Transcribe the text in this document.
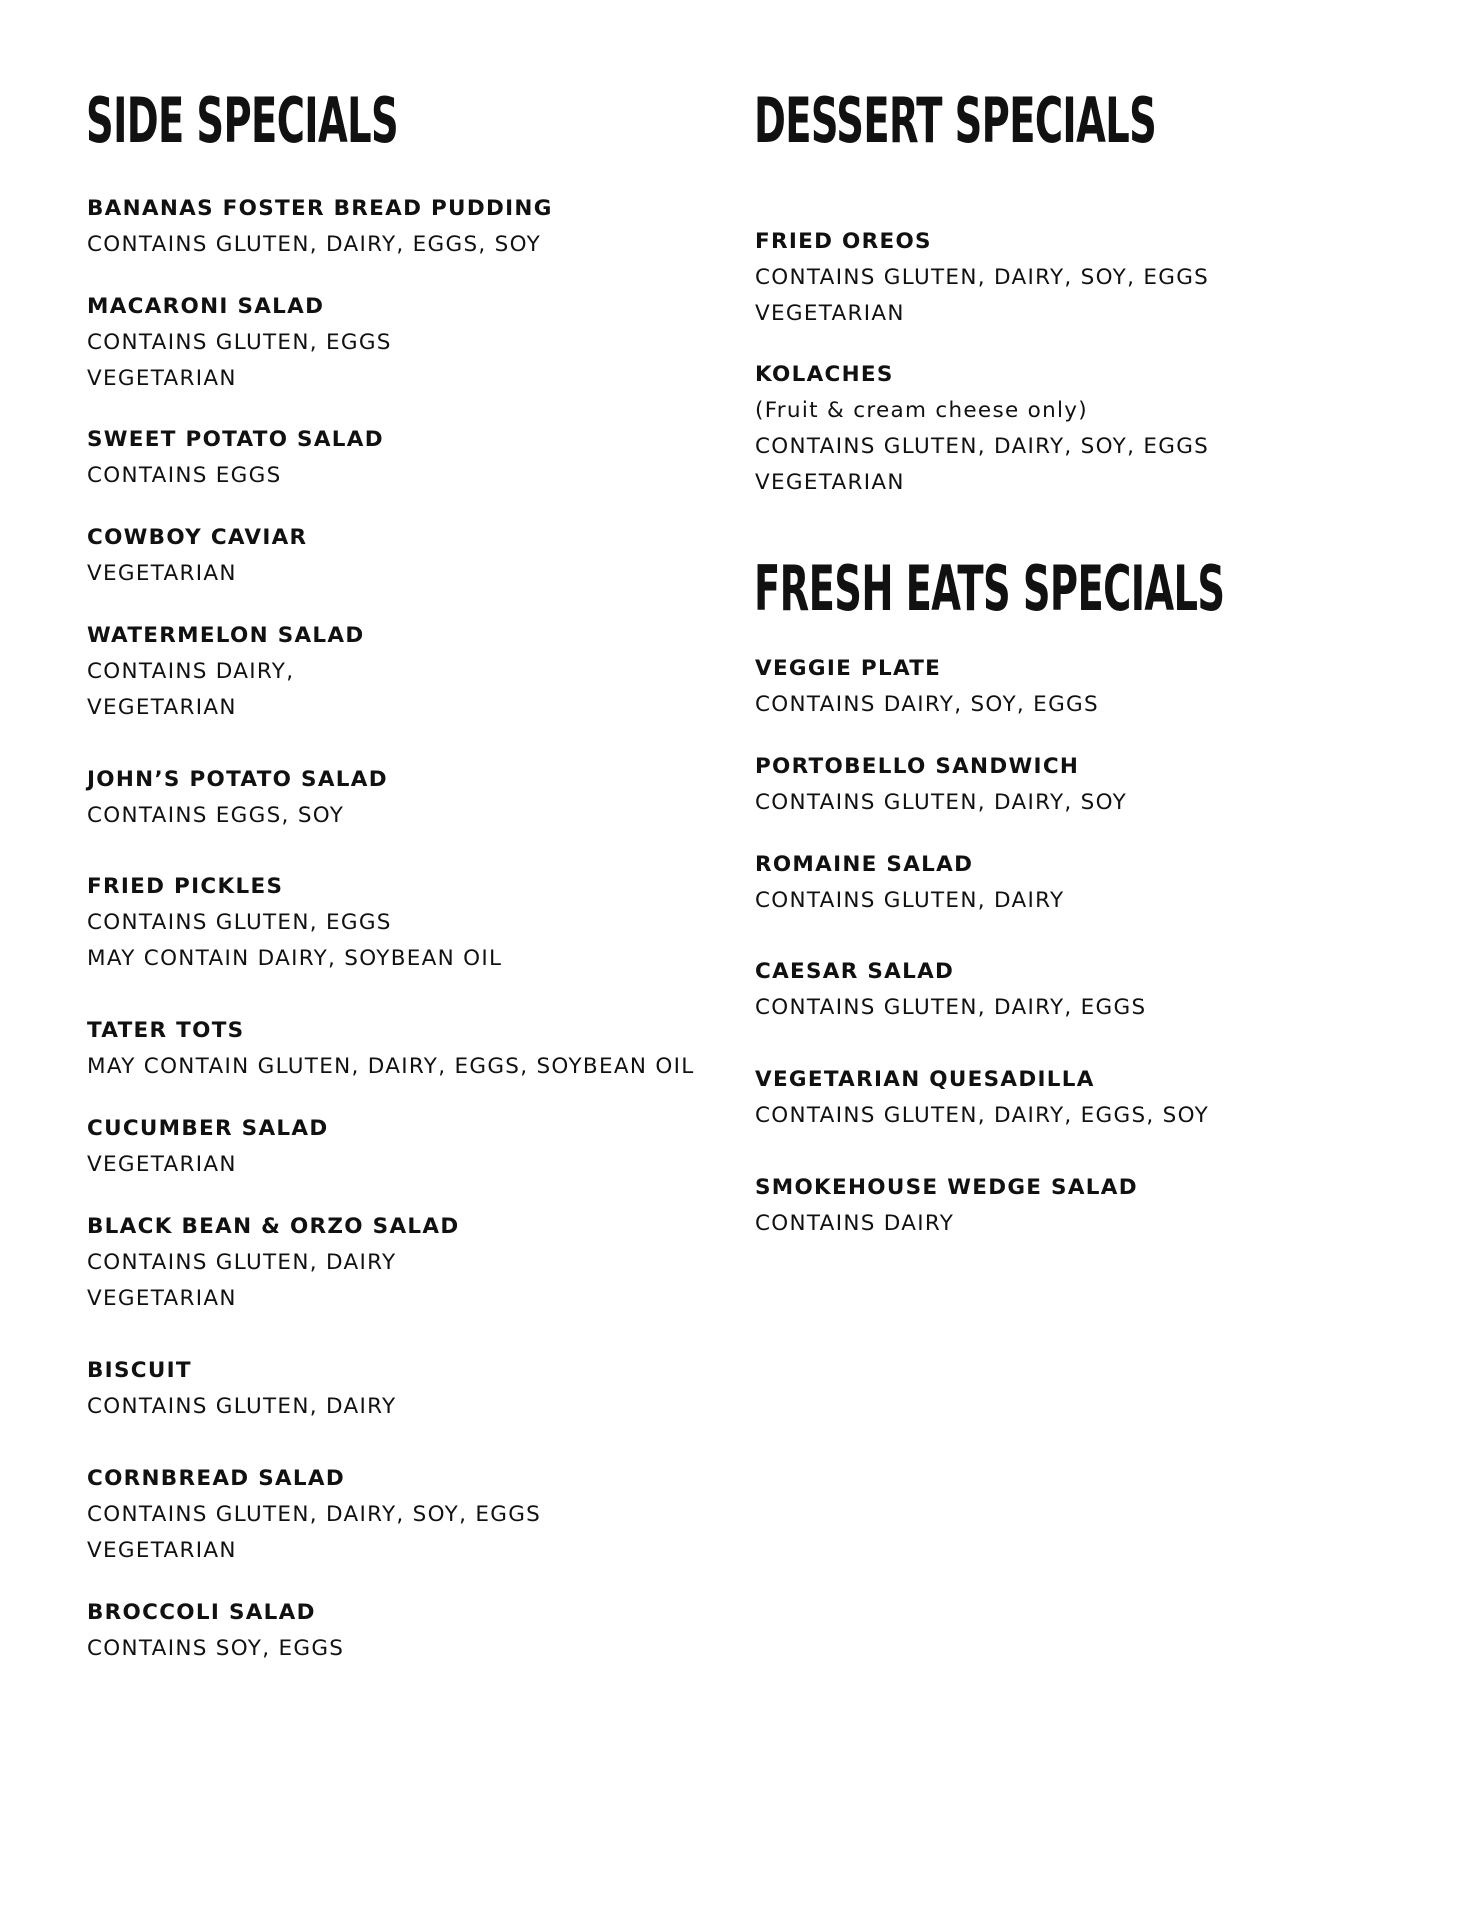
SIDE SPECIALS	DESSERT SPECIALS
FRESH EATS SPECIALS
BANANAS FOSTER BREAD PUDDING
CONTAINS GLUTEN, DAIRY, EGGS, SOY
MACARONI SALAD
CONTAINS GLUTEN, EGGS
VEGETARIAN
SWEET POTATO SALAD
CONTAINS EGGS
COWBOY CAVIAR
VEGETARIAN
WATERMELON SALAD
CONTAINS DAIRY,
VEGETARIAN
JOHN’S POTATO SALAD
CONTAINS EGGS, SOY
FRIED PICKLES
CONTAINS GLUTEN, EGGS
MAY CONTAIN DAIRY, SOYBEAN OIL
TATER TOTS
MAY CONTAIN GLUTEN, DAIRY, EGGS, SOYBEAN OIL
CUCUMBER SALAD
VEGETARIAN
BLACK BEAN & ORZO SALAD
CONTAINS GLUTEN, DAIRY
VEGETARIAN
BISCUIT
CONTAINS GLUTEN, DAIRY
CORNBREAD SALAD
CONTAINS GLUTEN, DAIRY, SOY, EGGS
VEGETARIAN
BROCCOLI SALAD
CONTAINS SOY, EGGS
FRIED OREOS
CONTAINS GLUTEN, DAIRY, SOY, EGGS
VEGETARIAN
KOLACHES
(Fruit & cream cheese only)
CONTAINS GLUTEN, DAIRY, SOY, EGGS
VEGETARIAN
VEGGIE PLATE
CONTAINS DAIRY, SOY, EGGS
PORTOBELLO SANDWICH
CONTAINS GLUTEN, DAIRY, SOY
ROMAINE SALAD
CONTAINS GLUTEN, DAIRY
CAESAR SALAD
CONTAINS GLUTEN, DAIRY, EGGS
VEGETARIAN QUESADILLA
CONTAINS GLUTEN, DAIRY, EGGS, SOY
SMOKEHOUSE WEDGE SALAD
CONTAINS DAIRY
